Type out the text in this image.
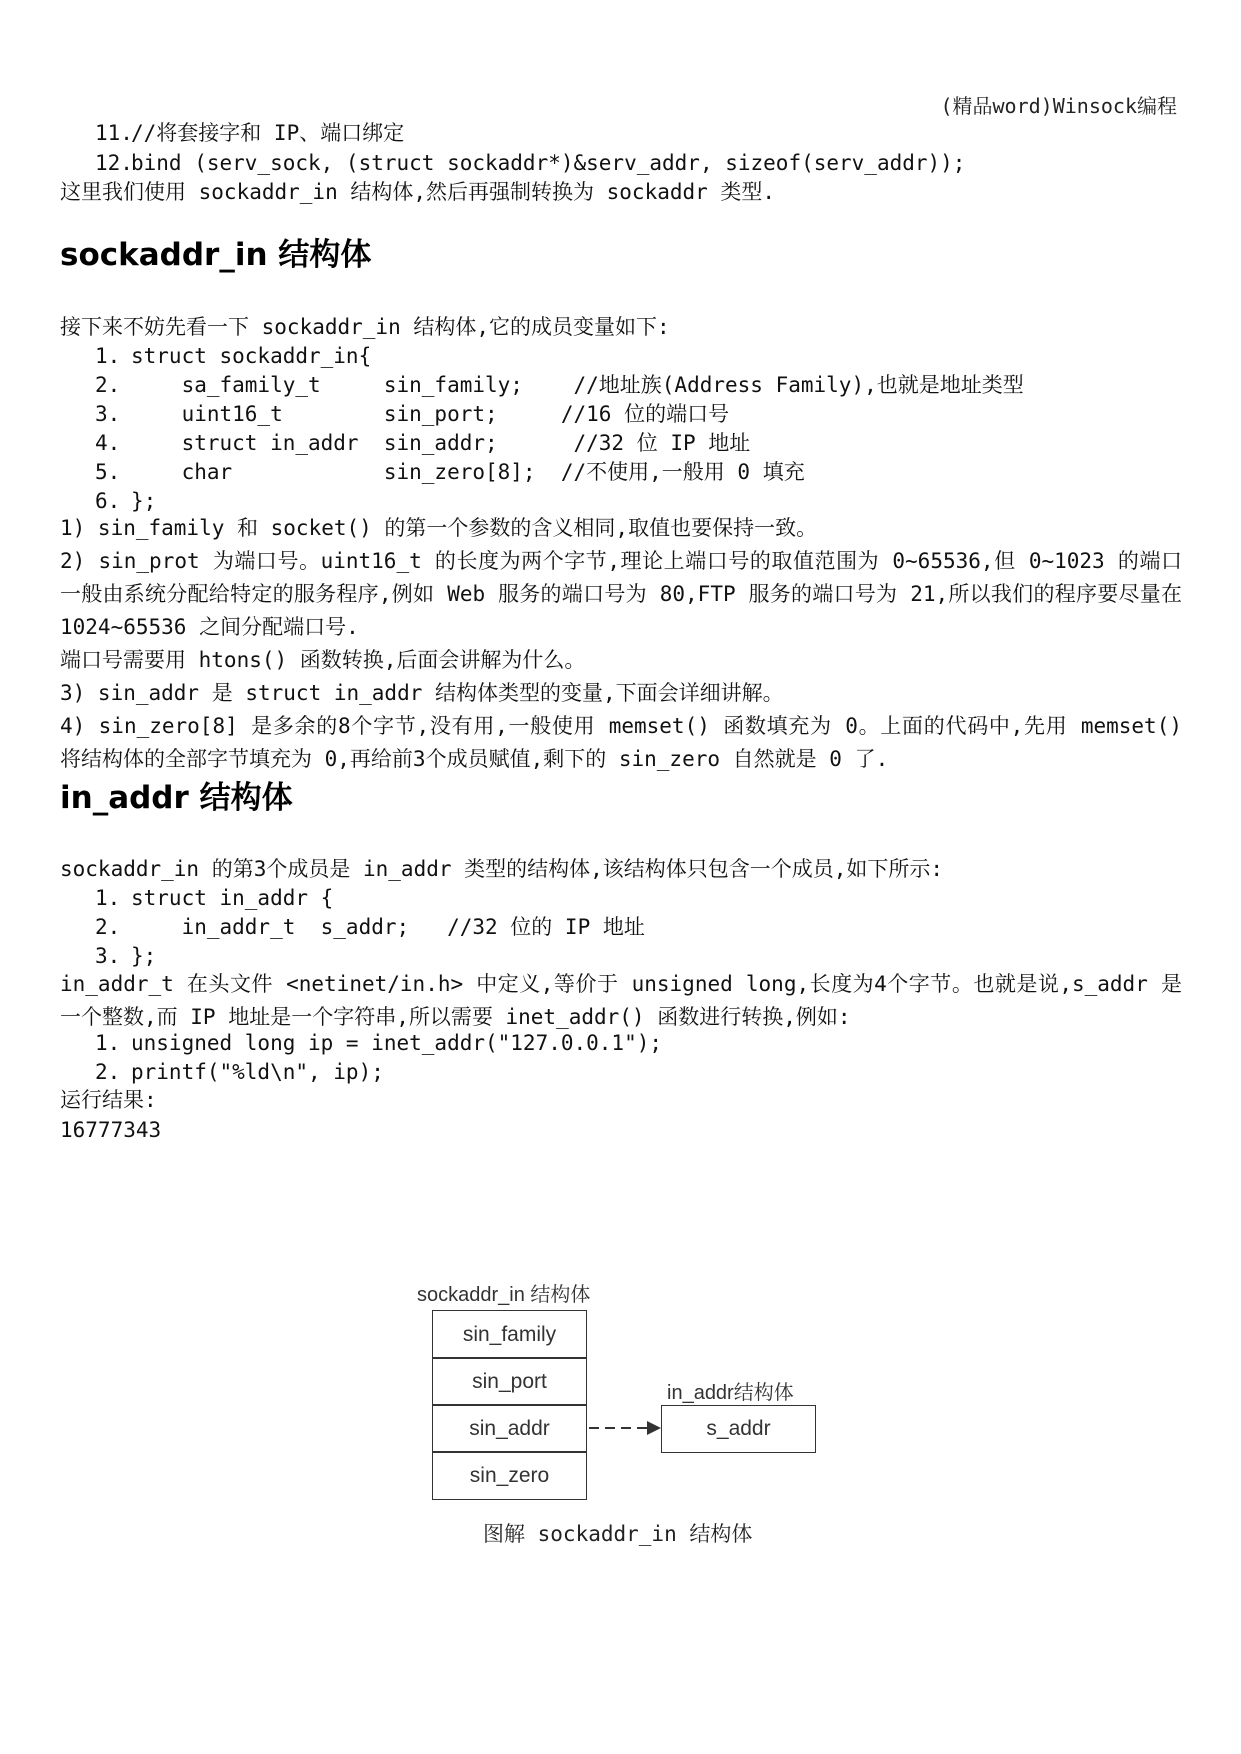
(精品word)Winsock编程
11.//将套接字和 IP、端口绑定
12.bind (serv_sock, (struct sockaddr*)&serv_addr, sizeof(serv_addr));
这里我们使用 sockaddr_in 结构体,然后再强制转换为 sockaddr 类型.
sockaddr_in 结构体
接下来不妨先看一下 sockaddr_in 结构体,它的成员变量如下:
1. struct sockaddr_in{
2.    sa_family_t     sin_family;    //地址族(Address Family),也就是地址类型
3.    uint16_t        sin_port;     //16 位的端口号
4.    struct in_addr  sin_addr;      //32 位 IP 地址
5.    char            sin_zero[8];  //不使用,一般用 0 填充
6. };

1) sin_family 和 socket() 的第一个参数的含义相同,取值也要保持一致。

2) sin_prot 为端口号。uint16_t 的长度为两个字节,理论上端口号的取值范围为 0~65536,但 0~1023 的端口一般由系统分配给特定的服务程序,例如 Web 服务的端口号为 80,FTP 服务的端口号为 21,所以我们的程序要尽量在 1024~65536 之间分配端口号.

端口号需要用 htons() 函数转换,后面会讲解为什么。

3) sin_addr 是 struct in_addr 结构体类型的变量,下面会详细讲解。

4) sin_zero[8] 是多余的8个字节,没有用,一般使用 memset() 函数填充为 0。上面的代码中,先用 memset() 将结构体的全部字节填充为 0,再给前3个成员赋值,剩下的 sin_zero 自然就是 0 了.

in_addr 结构体
sockaddr_in 的第3个成员是 in_addr 类型的结构体,该结构体只包含一个成员,如下所示:
1. struct in_addr {
2.    in_addr_t  s_addr;   //32 位的 IP 地址
3. };

in_addr_t 在头文件 <netinet/in.h> 中定义,等价于 unsigned long,长度为4个字节。也就是说,s_addr 是一个整数,而 IP 地址是一个字符串,所以需要 inet_addr() 函数进行转换,例如:

1. unsigned long ip = inet_addr("127.0.0.1");
2. printf("%ld\n", ip);
运行结果:
16777343
sockaddr_in 结构体
sin_family
sin_port
sin_addr
sin_zero
in_addr结构体
s_addr
图解 sockaddr_in 结构体
